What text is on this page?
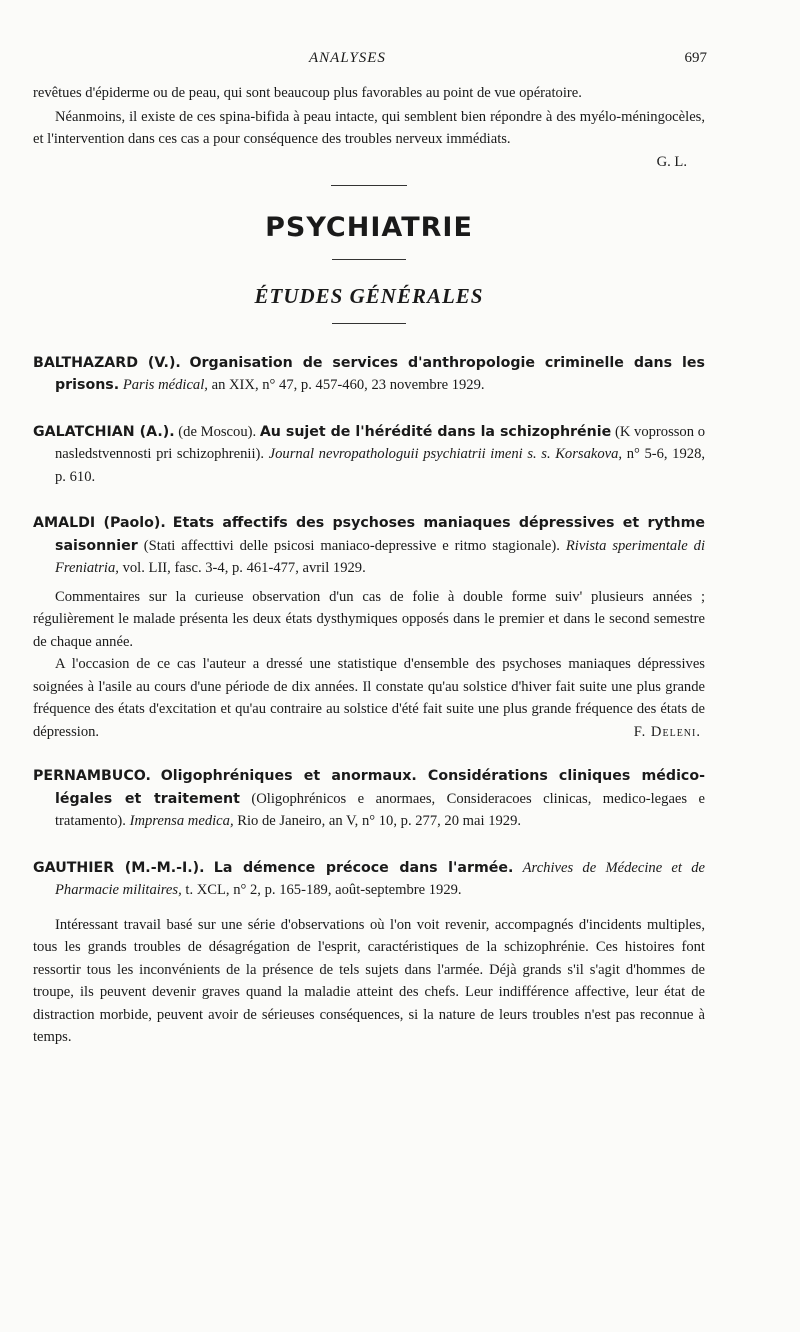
ANALYSES	697

revêtues d'épiderme ou de peau, qui sont beaucoup plus favorables au point de vue opératoire.

Néanmoins, il existe de ces spina-bifida à peau intacte, qui semblent bien répondre à des myélo-méningocèles, et l'intervention dans ces cas a pour conséquence des troubles nerveux immédiats.

G. L.
PSYCHIATRIE
ÉTUDES GÉNÉRALES

BALTHAZARD (V.). Organisation de services d'anthropologie criminelle dans les prisons. Paris médical, an XIX, n° 47, p. 457-460, 23 novembre 1929.

GALATCHIAN (A.). (de Moscou). Au sujet de l'hérédité dans la schizophrénie (K voprosson o nasledstvennosti pri schizophrenii). Journal nevropathologuii psychiatrii imeni s. s. Korsakova, n° 5-6, 1928, p. 610.

AMALDI (Paolo). Etats affectifs des psychoses maniaques dépressives et rythme saisonnier (Stati affecttivi delle psicosi maniaco-depressive e ritmo stagionale). Rivista sperimentale di Freniatria, vol. LII, fasc. 3-4, p. 461-477, avril 1929.

Commentaires sur la curieuse observation d'un cas de folie à double forme suiv' plusieurs années ; régulièrement le malade présenta les deux états dysthymiques opposés dans le premier et dans le second semestre de chaque année.

A l'occasion de ce cas l'auteur a dressé une statistique d'ensemble des psychoses maniaques dépressives soignées à l'asile au cours d'une période de dix années. Il constate qu'au solstice d'hiver fait suite une plus grande fréquence des états d'excitation et qu'au contraire au solstice d'été fait suite une plus grande fréquence des états de dépression.	F. Deleni.

PERNAMBUCO. Oligophréniques et anormaux. Considérations cliniques médico-légales et traitement (Oligophrénicos e anormaes, Consideracoes clinicas, medico-legaes e tratamento). Imprensa medica, Rio de Janeiro, an V, n° 10, p. 277, 20 mai 1929.

GAUTHIER (M.-M.-I.). La démence précoce dans l'armée. Archives de Médecine et de Pharmacie militaires, t. XCL, n° 2, p. 165-189, août-septembre 1929.

Intéressant travail basé sur une série d'observations où l'on voit revenir, accompagnés d'incidents multiples, tous les grands troubles de désagrégation de l'esprit, caractéristiques de la schizophrénie. Ces histoires font ressortir tous les inconvénients de la présence de tels sujets dans l'armée. Déjà grands s'il s'agit d'hommes de troupe, ils peuvent devenir graves quand la maladie atteint des chefs. Leur indifférence affective, leur état de distraction morbide, peuvent avoir de sérieuses conséquences, si la nature de leurs troubles n'est pas reconnue à temps.
